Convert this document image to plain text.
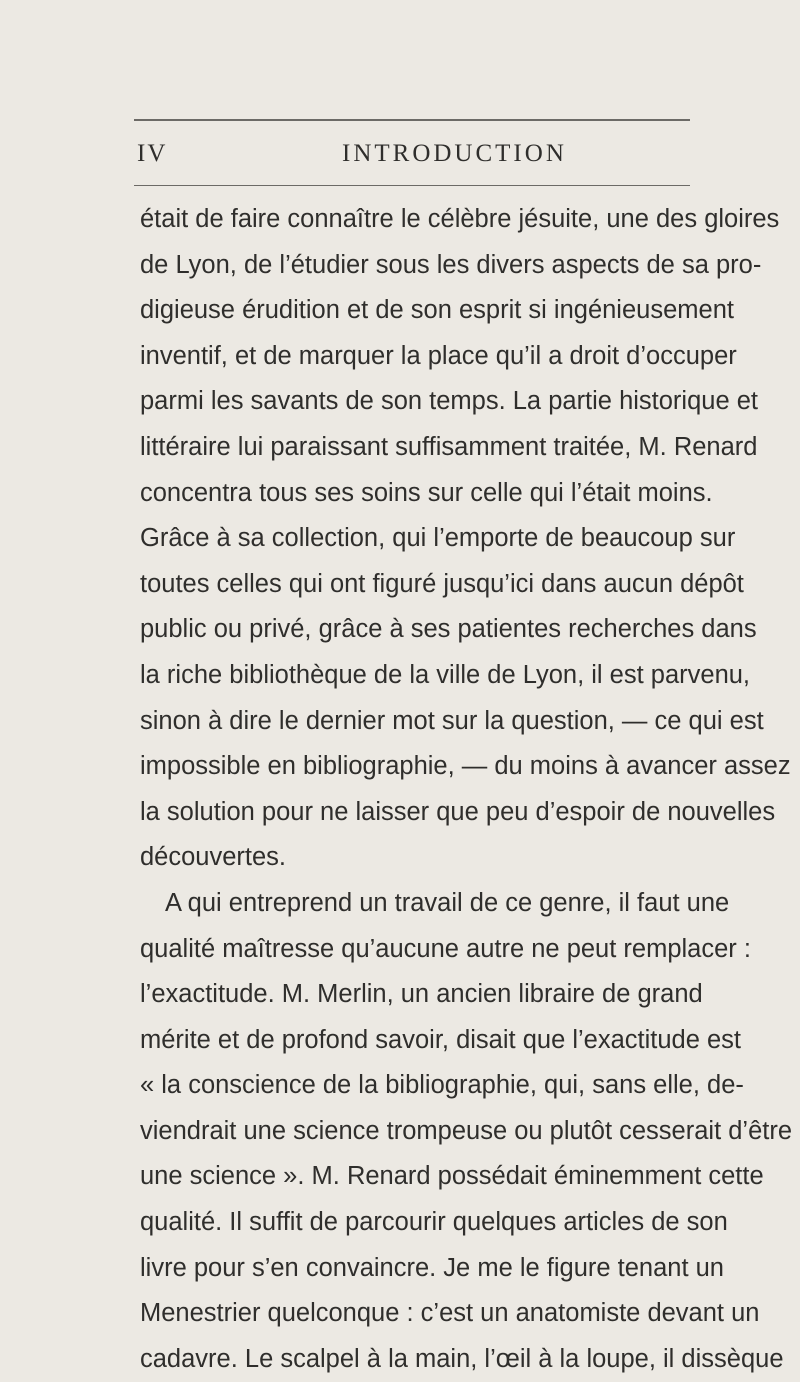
IV	INTRODUCTION
était de faire connaître le célèbre jésuite, une des gloires
de Lyon, de l’étudier sous les divers aspects de sa pro-
digieuse érudition et de son esprit si ingénieusement
inventif, et de marquer la place qu’il a droit d’occuper
parmi les savants de son temps. La partie historique et
littéraire lui paraissant suffisamment traitée, M. Renard
concentra tous ses soins sur celle qui l’était moins.
Grâce à sa collection, qui l’emporte de beaucoup sur
toutes celles qui ont figuré jusqu’ici dans aucun dépôt
public ou privé, grâce à ses patientes recherches dans
la riche bibliothèque de la ville de Lyon, il est parvenu,
sinon à dire le dernier mot sur la question, — ce qui est
impossible en bibliographie, — du moins à avancer assez
la solution pour ne laisser que peu d’espoir de nouvelles
découvertes.
A qui entreprend un travail de ce genre, il faut une
qualité maîtresse qu’aucune autre ne peut remplacer :
l’exactitude. M. Merlin, un ancien libraire de grand
mérite et de profond savoir, disait que l’exactitude est
« la conscience de la bibliographie, qui, sans elle, de-
viendrait une science trompeuse ou plutôt cesserait d’être
une science ». M. Renard possédait éminemment cette
qualité. Il suffit de parcourir quelques articles de son
livre pour s’en convaincre. Je me le figure tenant un
Menestrier quelconque : c’est un anatomiste devant un
cadavre. Le scalpel à la main, l’œil à la loupe, il dissèque
